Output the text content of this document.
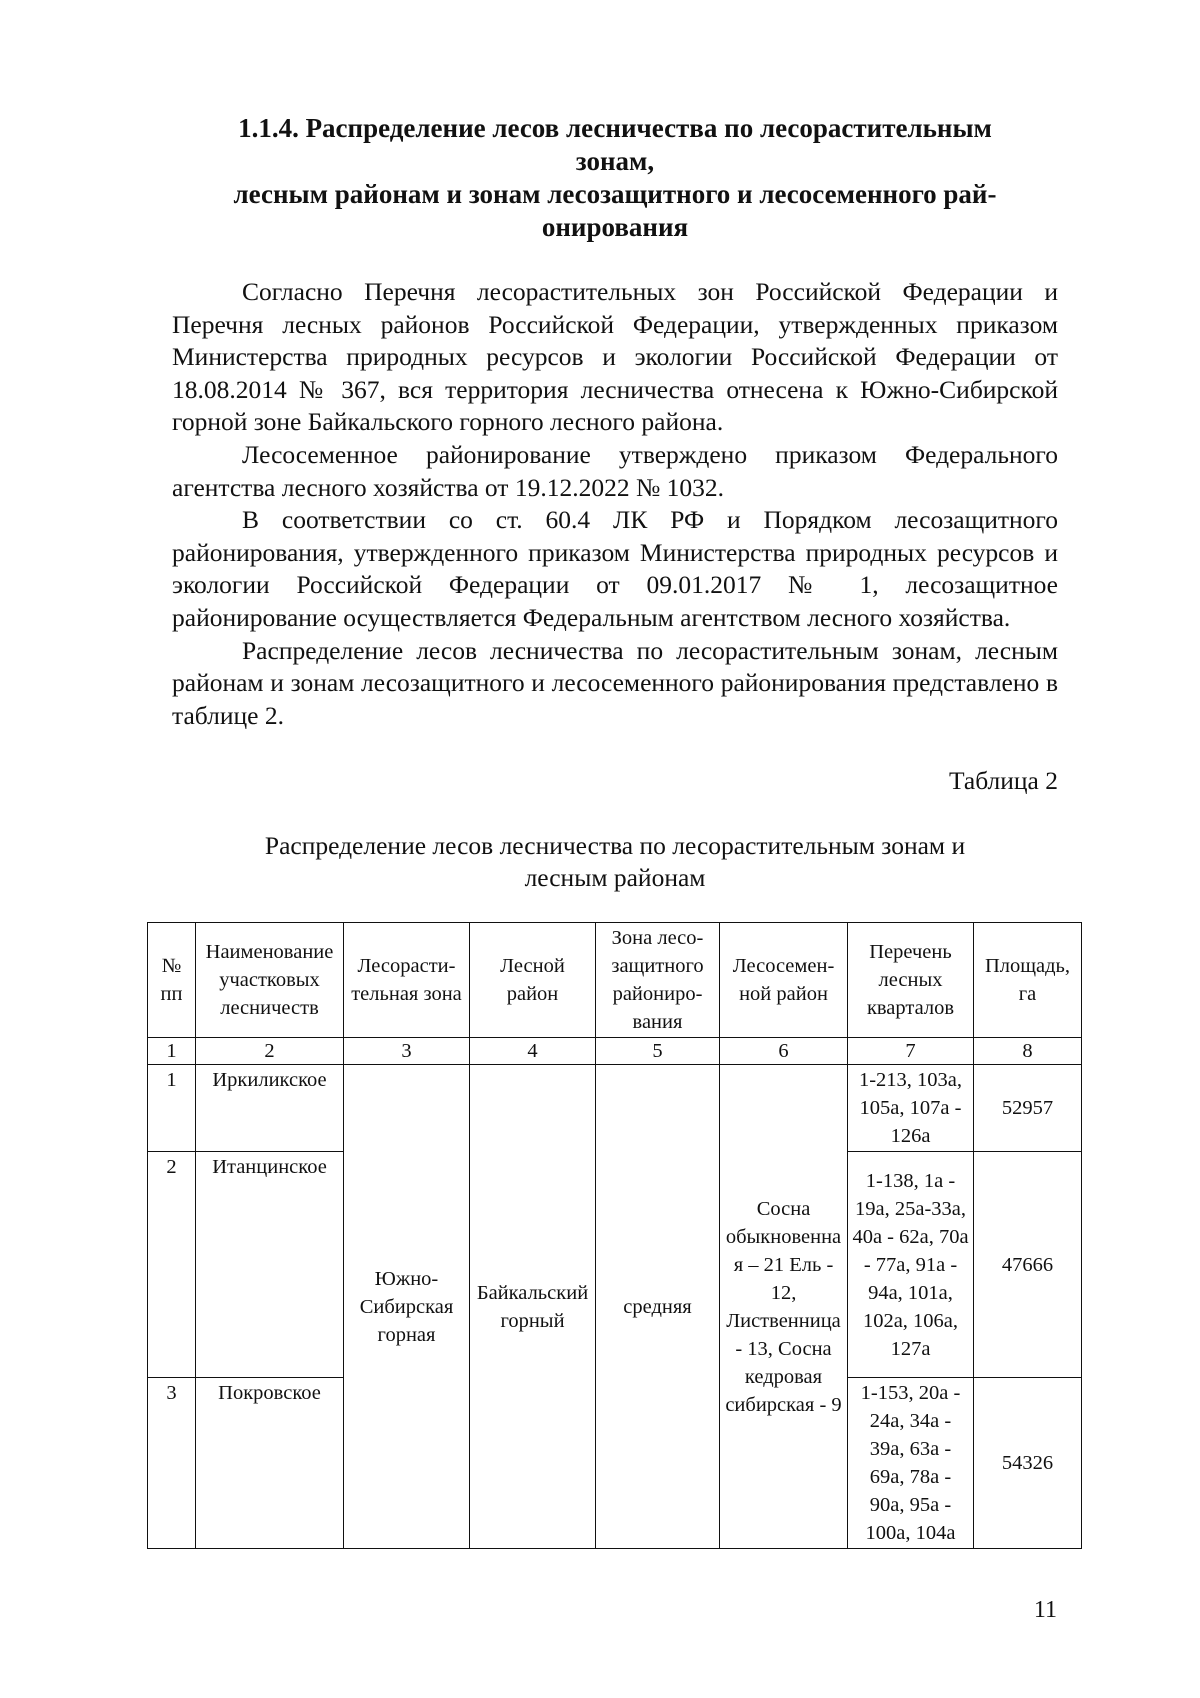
1.1.4. Распределение лесов лесничества по лесорастительным
зонам,
лесным районам и зонам лесозащитного и лесосеменного рай-
онирования

Согласно Перечня лесорастительных зон Российской Федерации и Перечня лесных районов Российской Федерации, утвержденных приказом Министерства природных ресурсов и экологии Российской Федерации от 18.08.2014 № 367, вся территория лесничества отнесена к Южно-Сибирской горной зоне Байкальского горного лесного района.

Лесосеменное районирование утверждено приказом Федерального агентства лесного хозяйства от 19.12.2022 № 1032.

В соответствии со ст. 60.4 ЛК РФ и Порядком лесозащитного районирования, утвержденного приказом Министерства природных ресурсов и экологии Российской Федерации от 09.01.2017 № 1, лесозащитное районирование осуществляется Федеральным агентством лесного хозяйства.

Распределение лесов лесничества по лесорастительным зонам, лесным районам и зонам лесозащитного и лесосеменного районирования представлено в таблице 2.

Таблица 2
Распределение лесов лесничества по лесорастительным зонам и
лесным районам
№ пп	Наименование участковых лесничеств	Лесорасти-тельная зона	Лесной район	Зона лесо-защитного райониро-вания	Лесосемен-ной район	Перечень лесных кварталов	Площадь, га
1	2	3	4	5	6	7	8
1	Иркиликское	Южно-Сибирская горная	Байкальский горный	средняя	Сосна обыкновенная – 21 Ель - 12, Лиственница - 13, Сосна кедровая сибирская - 9	1-213, 103а, 105а, 107а - 126а	52957
2	Итанцинское					1-138, 1а - 19а, 25а-33а, 40а - 62а, 70а - 77а, 91а - 94а, 101а, 102а, 106а, 127а	47666
3	Покровское					1-153, 20а - 24а, 34а - 39а, 63а - 69а, 78а - 90а, 95а - 100а, 104а	54326
11
